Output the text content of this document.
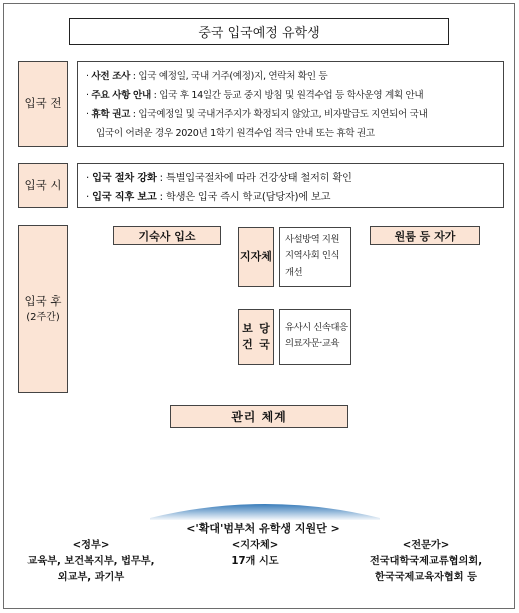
중국 입국예정 유학생
입국 전
· 사전 조사 : 입국 예정일, 국내 거주(예정)지, 연락처 확인 등
· 주요 사항 안내 : 입국 후 14일간 등교 중지 방침 및 원격수업 등 학사운영 계획 안내
· 휴학 권고 : 입국예정일 및 국내거주지가 확정되지 않았고, 비자발급도 지연되어 국내
입국이 어려운 경우 2020년 1학기 원격수업 적극 안내 또는 휴학 권고
입국 시 · 입국 절차 강화 : 특별입국절차에 따라 건강상태 철저히 확인
· 입국 직후 보고 : 학생은 입국 즉시 학교(담당자)에 보고
입국 후
(2주간)
기숙사 입소
· 생활수칙 사전 동의 후 입실
· 1인 1실 배정 원칙
· 외출 자제 및 타인과
접촉 최소화 지도
· 1일 1회 이상 모니터링
지자체
사설방역 지원
지역사회 인식
개선
보건
당국
유사시 신속대응
의료자문·교육
원룸 등 자가
· 가급적 분리된 공간 거주
· 외출 자제
· 1일 1회 이상 모니터링
- 자가진단앱 연계 관리
- 유증상자 보건소·지자체
연계 관리
· 생활예방 수칙 주기적 안내
· 교내 다중이용시설 사용 제한
· 대학 : 본부 차원 총괄 대응 및 유학생 전담조직 구성
· 교육부 : 예방대책반 운영, 모든 대학 전담자(관) 지정
관리 체계
<'확대'범부처 유학생 지원단 >
<정부>
교육부, 보건복지부, 법무부,
외교부, 과기부
<지자체>
17개 시도
<전문가>
전국대학국제교류협의회,
한국국제교육자협회 등
